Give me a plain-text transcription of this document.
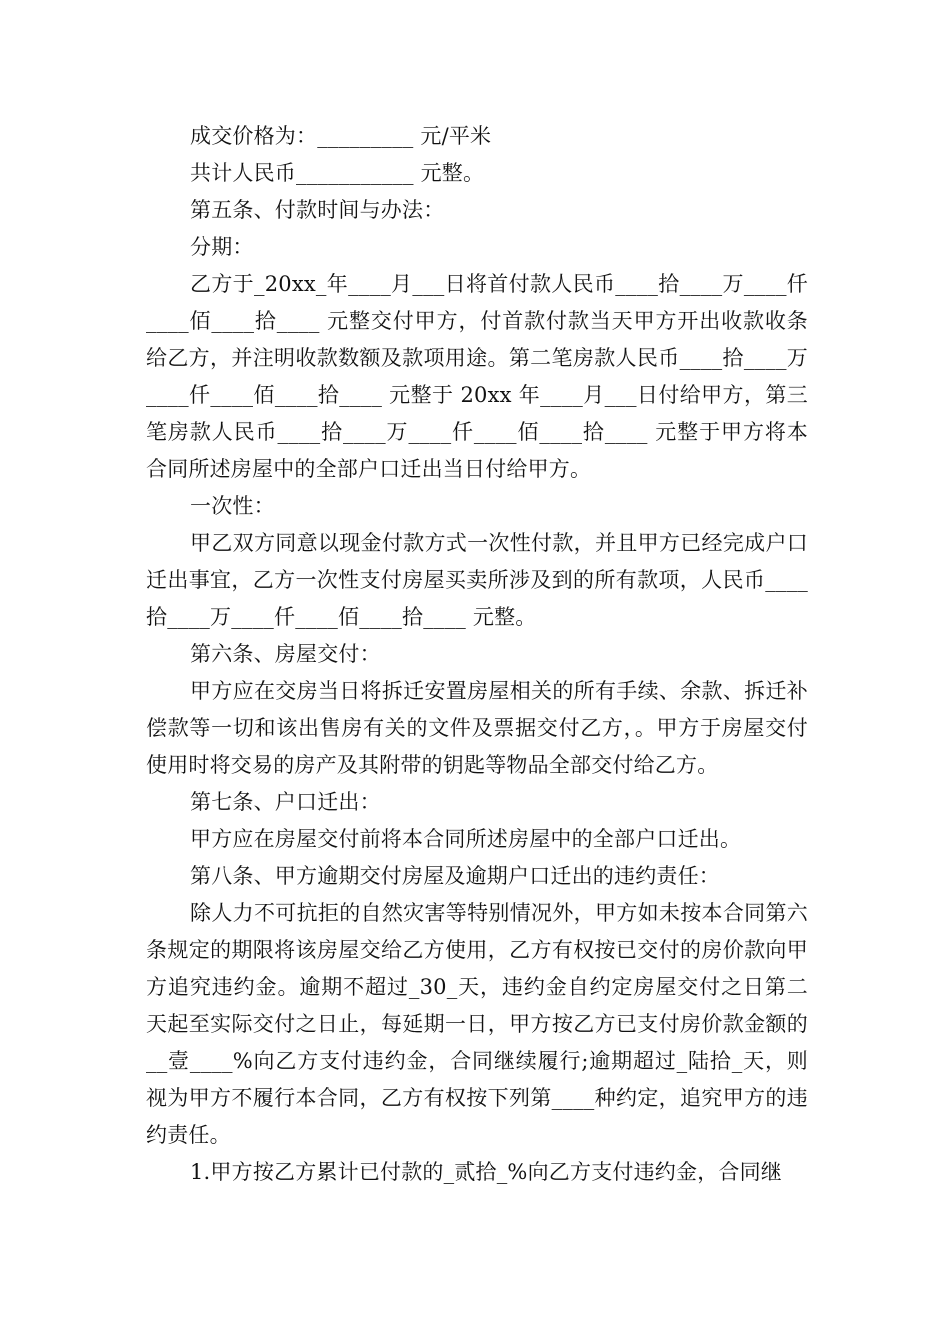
成交价格为：_________ 元/平米

共计人民币___________ 元整。

第五条、付款时间与办法：

分期：

乙方于_20xx_年____月___日将首付款人民币____拾____万____仟____佰____拾____ 元整交付甲方，付首款付款当天甲方开出收款收条给乙方，并注明收款数额及款项用途。第二笔房款人民币____拾____万____仟____佰____拾____ 元整于 20xx 年____月___日付给甲方，第三笔房款人民币____拾____万____仟____佰____拾____ 元整于甲方将本合同所述房屋中的全部户口迁出当日付给甲方。

一次性：

甲乙双方同意以现金付款方式一次性付款，并且甲方已经完成户口迁出事宜，乙方一次性支付房屋买卖所涉及到的所有款项，人民币____拾____万____仟____佰____拾____ 元整。

第六条、房屋交付：

甲方应在交房当日将拆迁安置房屋相关的所有手续、余款、拆迁补偿款等一切和该出售房有关的文件及票据交付乙方，。甲方于房屋交付使用时将交易的房产及其附带的钥匙等物品全部交付给乙方。

第七条、户口迁出：

甲方应在房屋交付前将本合同所述房屋中的全部户口迁出。

第八条、甲方逾期交付房屋及逾期户口迁出的违约责任：

除人力不可抗拒的自然灾害等特别情况外，甲方如未按本合同第六条规定的期限将该房屋交给乙方使用，乙方有权按已交付的房价款向甲方追究违约金。逾期不超过_30_天，违约金自约定房屋交付之日第二天起至实际交付之日止，每延期一日，甲方按乙方已支付房价款金额的__壹____%向乙方支付违约金，合同继续履行;逾期超过_陆拾_天，则视为甲方不履行本合同，乙方有权按下列第____种约定，追究甲方的违约责任。

1.甲方按乙方累计已付款的_贰拾_%向乙方支付违约金，合同继
